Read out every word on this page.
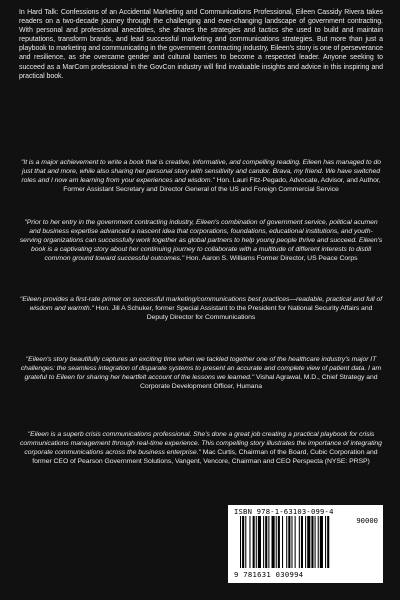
In Hard Talk: Confessions of an Accidental Marketing and Communications Professional, Eileen Cassidy Rivera takes readers on a two-decade journey through the challenging and ever-changing landscape of government contracting. With personal and professional anecdotes, she shares the strategies and tactics she used to build and maintain reputations, transform brands, and lead successful marketing and communications strategies. But more than just a playbook to marketing and communicating in the government contracting industry, Eileen's story is one of perseverance and resilience, as she overcame gender and cultural barriers to become a respected leader. Anyone seeking to succeed as a MarCom professional in the GovCon industry will find invaluable insights and advice in this inspiring and practical book.
"It is a major achievement to write a book that is creative, informative, and compelling reading. Eileen has managed to do just that and more, while also sharing her personal story with sensitivity and candor. Brava, my friend. We have switched roles and I now am learning from your experiences and wisdom." Hon. Lauri Fitz-Pegado, Advocate, Advisor, and Author, Former Assistant Secretary and Director General of the US and Foreign Commercial Service
"Prior to her entry in the government contracting industry, Eileen's combination of government service, political acumen and business expertise advanced a nascent idea that corporations, foundations, educational institutions, and youth-serving organizations can successfully work together as global partners to help young people thrive and succeed. Eileen's book is a captivating story about her continuing journey to collaborate with a multitude of different interests to distill common ground toward successful outcomes." Hon. Aaron S. Williams Former Director, US Peace Corps
"Eileen provides a first-rate primer on successful marketing/communications best practices—readable, practical and full of wisdom and warmth." Hon. Jill A Schuker, former Special Assistant to the President for National Security Affairs and Deputy Director for Communications
"Eileen's story beautifully captures an exciting time when we tackled together one of the healthcare industry's major IT challenges: the seamless integration of disparate systems to present an accurate and complete view of patient data. I am grateful to Eileen for sharing her heartfelt account of the lessons we learned." Vishal Agrawal, M.D., Chief Strategy and Corporate Development Officer, Humana
"Eileen is a superb crisis communications professional. She's done a great job creating a practical playbook for crisis communications management through real-time experience. This compelling story illustrates the importance of integrating corporate communications across the business enterprise." Mac Curtis, Chairman of the Board, Cubic Corporation and former CEO of Pearson Government Solutions, Vangent, Vencore, Chairman and CEO Perspecta (NYSE: PRSP)
ISBN 978-1-63103-099-4
90000
9 781631 030994
